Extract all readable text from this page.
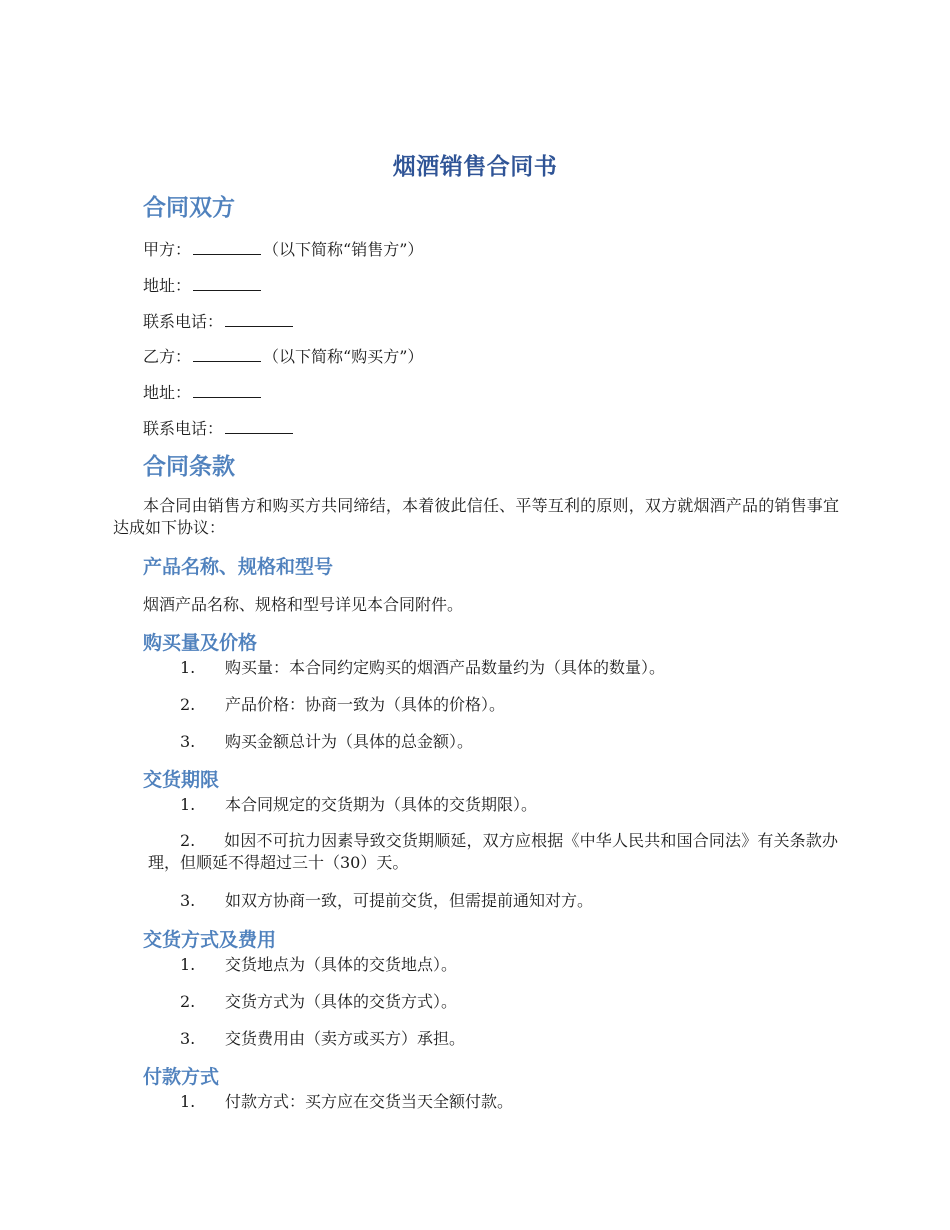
烟酒销售合同书
合同双方
甲方：	（以下简称“销售方”）
地址：
联系电话：
乙方：	（以下简称“购买方”）
地址：
联系电话：
合同条款
本合同由销售方和购买方共同缔结，本着彼此信任、平等互利的原则，双方就烟酒产品的销售事宜达成如下协议：
产品名称、规格和型号
烟酒产品名称、规格和型号详见本合同附件。
购买量及价格
1. 购买量：本合同约定购买的烟酒产品数量约为（具体的数量）。
2. 产品价格：协商一致为（具体的价格）。
3. 购买金额总计为（具体的总金额）。
交货期限
1. 本合同规定的交货期为（具体的交货期限）。
2. 如因不可抗力因素导致交货期顺延，双方应根据《中华人民共和国合同法》有关条款办理，但顺延不得超过三十（30）天。
3. 如双方协商一致，可提前交货，但需提前通知对方。
交货方式及费用
1. 交货地点为（具体的交货地点）。
2. 交货方式为（具体的交货方式）。
3. 交货费用由（卖方或买方）承担。
付款方式
1. 付款方式：买方应在交货当天全额付款。
